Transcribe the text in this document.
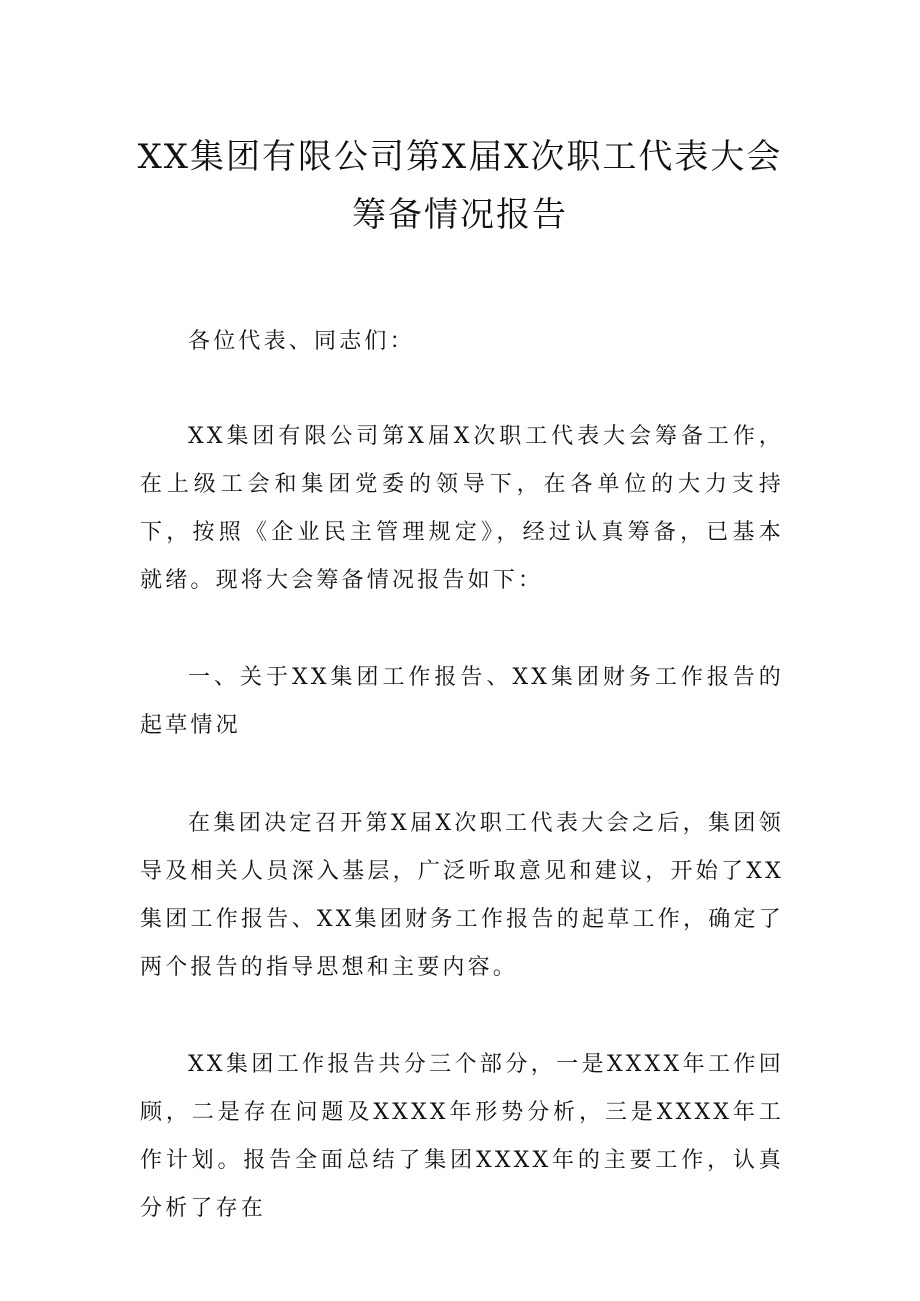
XX集团有限公司第X届X次职工代表大会
筹备情况报告
各位代表、同志们：
XX集团有限公司第X届X次职工代表大会筹备工作，在上级工会和集团党委的领导下，在各单位的大力支持下，按照《企业民主管理规定》，经过认真筹备，已基本就绪。现将大会筹备情况报告如下：
一、关于XX集团工作报告、XX集团财务工作报告的起草情况
在集团决定召开第X届X次职工代表大会之后，集团领导及相关人员深入基层，广泛听取意见和建议，开始了XX集团工作报告、XX集团财务工作报告的起草工作，确定了两个报告的指导思想和主要内容。
XX集团工作报告共分三个部分，一是XXXX年工作回顾，二是存在问题及XXXX年形势分析，三是XXXX年工作计划。报告全面总结了集团XXXX年的主要工作，认真分析了存在
